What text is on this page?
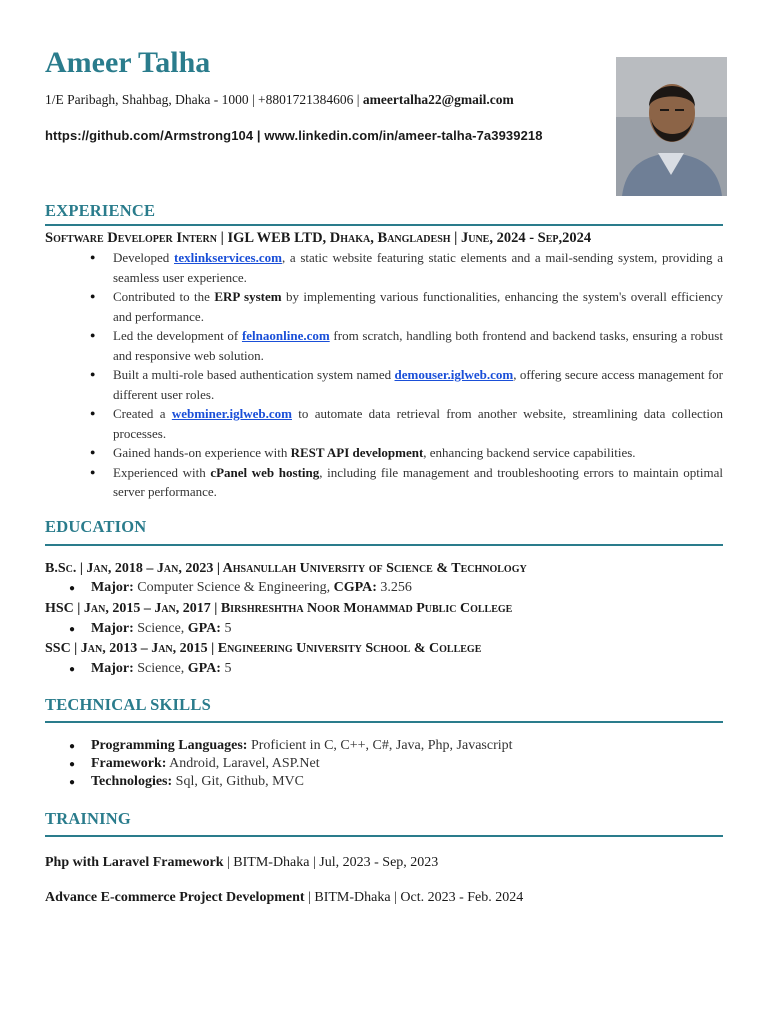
Ameer Talha
1/E Paribagh, Shahbag, Dhaka - 1000 | +8801721384606 | ameertalha22@gmail.com
https://github.com/Armstrong104 | www.linkedin.com/in/ameer-talha-7a3939218
EXPERIENCE
Software Developer Intern | IGL WEB LTD, Dhaka, Bangladesh | June, 2024 - Sep,2024
● Developed texlinkservices.com, a static website featuring static elements and a mail-sending system, providing a seamless user experience.
● Contributed to the ERP system by implementing various functionalities, enhancing the system's overall efficiency and performance.
● Led the development of felnaonline.com from scratch, handling both frontend and backend tasks, ensuring a robust and responsive web solution.
● Built a multi-role based authentication system named demouser.iglweb.com, offering secure access management for different user roles.
● Created a webminer.iglweb.com to automate data retrieval from another website, streamlining data collection processes.
● Gained hands-on experience with REST API development, enhancing backend service capabilities.
● Experienced with cPanel web hosting, including file management and troubleshooting errors to maintain optimal server performance.
EDUCATION
B.Sc. | Jan, 2018 – Jan, 2023 | Ahsanullah University of Science & Technology
● Major: Computer Science & Engineering, CGPA: 3.256
HSC | Jan, 2015 – Jan, 2017 | Birshreshtha Noor Mohammad Public College
● Major: Science, GPA: 5
SSC | Jan, 2013 – Jan, 2015 | Engineering University School & College
● Major: Science, GPA: 5
TECHNICAL SKILLS
● Programming Languages: Proficient in C, C++, C#, Java, Php, Javascript
● Framework: Android, Laravel, ASP.Net
● Technologies: Sql, Git, Github, MVC
TRAINING
Php with Laravel Framework | BITM-Dhaka | Jul, 2023 - Sep, 2023
Advance E-commerce Project Development | BITM-Dhaka | Oct. 2023 - Feb. 2024
